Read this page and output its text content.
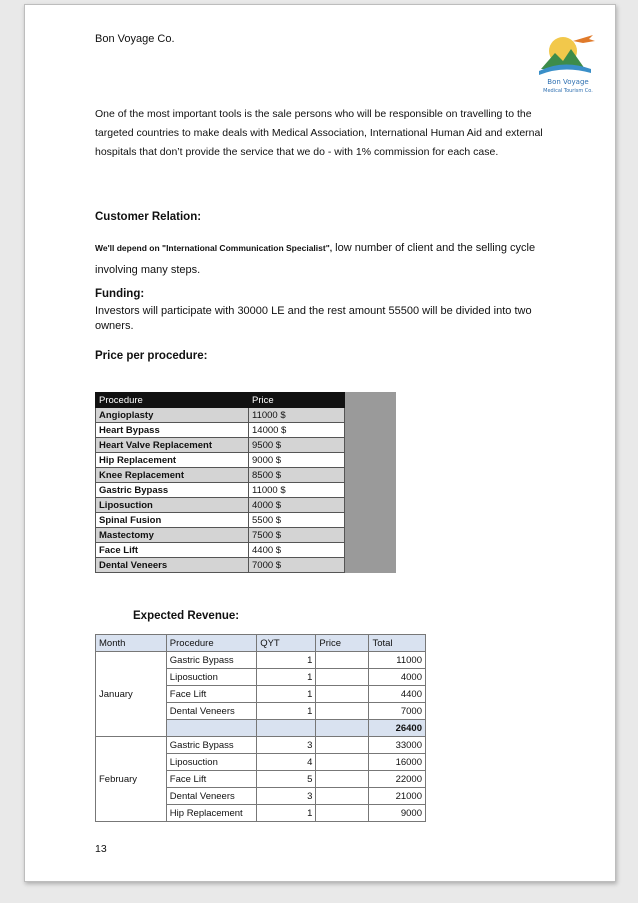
Bon Voyage Co.
Bon Voyage
Medical Tourism Co.
One of the most important tools is the sale persons who will be responsible on travelling to the targeted countries to make deals with Medical Association, International Human Aid and external hospitals that don’t provide the service that we do - with 1% commission for each case.
Customer Relation:
We'll depend on "International Communication Specialist", low number of client and the selling cycle involving many steps.
Funding:
Investors will participate with 30000 LE and the rest amount 55500 will be divided into two owners.
Price per procedure:
Procedure	Price	
Angioplasty	11000 $	
Heart Bypass	14000 $	
Heart Valve Replacement	9500 $	
Hip Replacement	9000 $	
Knee Replacement	8500 $	
Gastric Bypass	11000 $	
Liposuction	4000 $	
Spinal Fusion	5500 $	
Mastectomy	7500 $	
Face Lift	4400 $	
Dental Veneers	7000 $	
Expected Revenue:
Month	Procedure	QYT	Price	Total
January	Gastric Bypass	1		11000
	Liposuction	1		4000
	Face Lift	1		4400
	Dental Veneers	1		7000
				26400
February	Gastric Bypass	3		33000
	Liposuction	4		16000
	Face Lift	5		22000
	Dental Veneers	3		21000
	Hip Replacement	1		9000
13
